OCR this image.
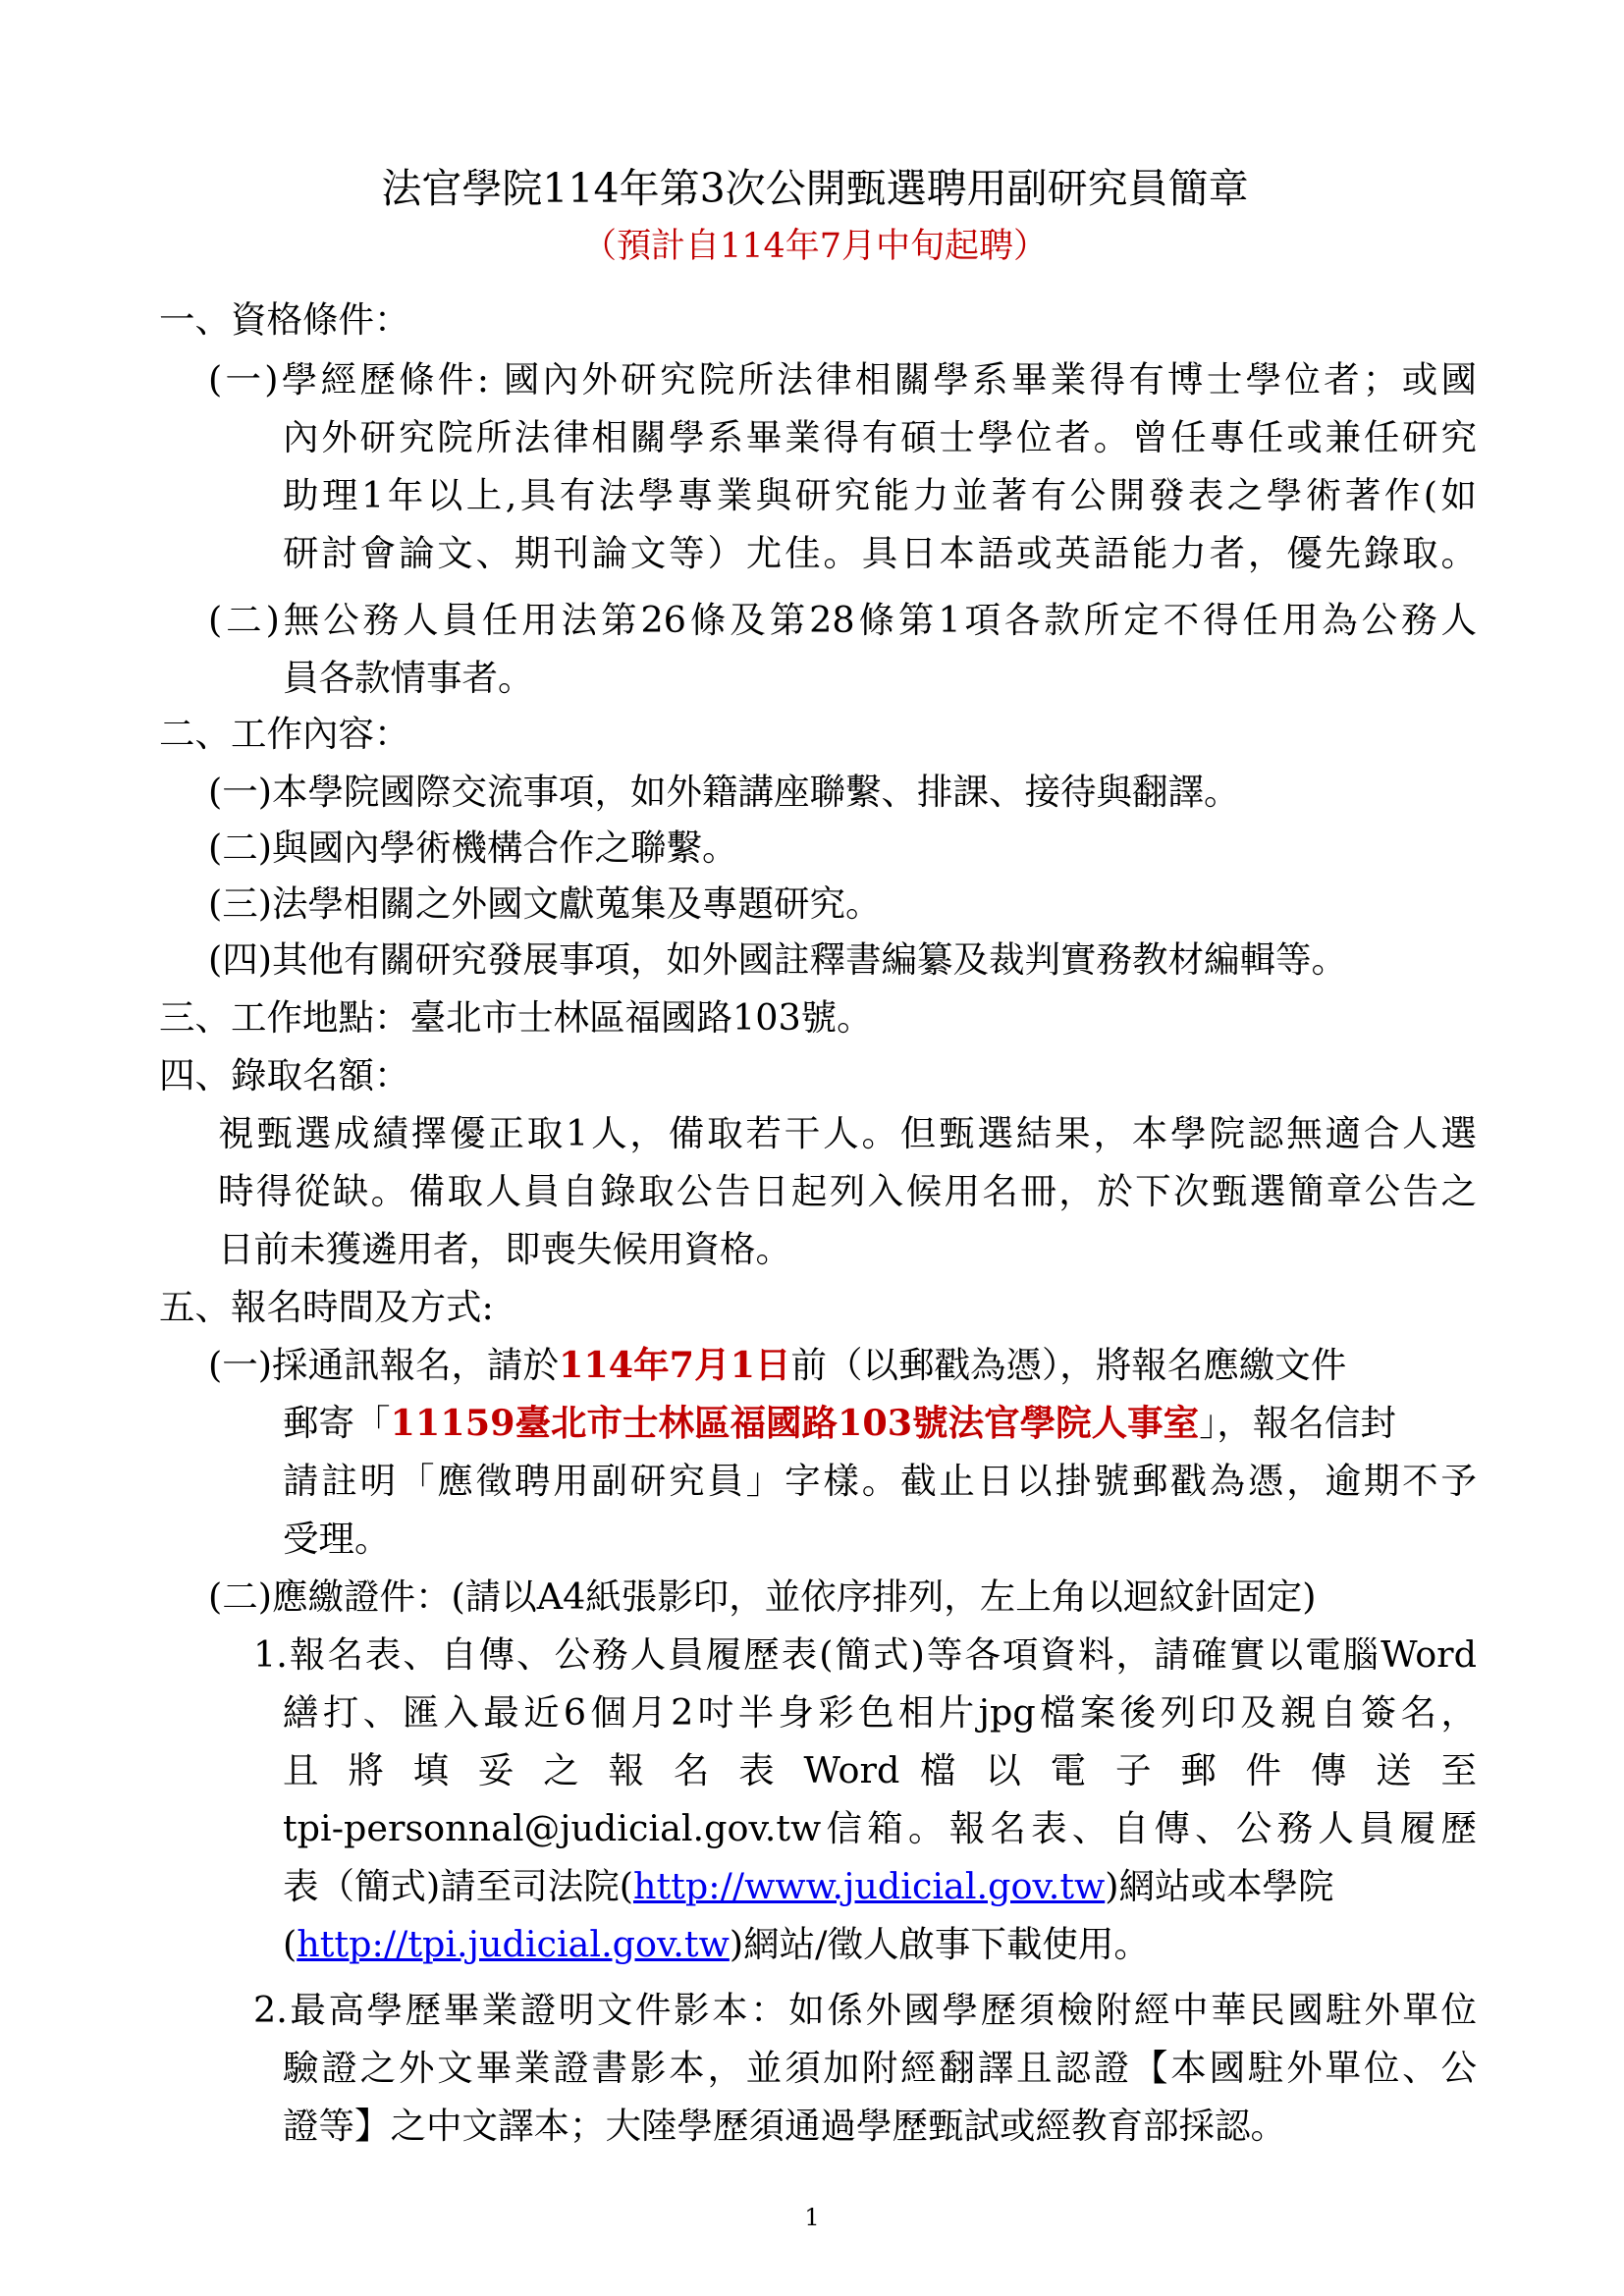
法官學院114年第3次公開甄選聘用副研究員簡章
（預計自114年7月中旬起聘）
一、資格條件：
(一)學經歷條件: 國內外研究院所法律相關學系畢業得有博士學位者；或國
內外研究院所法律相關學系畢業得有碩士學位者。曾任專任或兼任研究
助理1年以上,具有法學專業與研究能力並著有公開發表之學術著作(如
研討會論文、期刊論文等）尤佳。具日本語或英語能力者，優先錄取。
(二)無公務人員任用法第26條及第28條第1項各款所定不得任用為公務人
員各款情事者。
二、工作內容：
(一)本學院國際交流事項，如外籍講座聯繫、排課、接待與翻譯。
(二)與國內學術機構合作之聯繫。
(三)法學相關之外國文獻蒐集及專題研究。
(四)其他有關研究發展事項，如外國註釋書編纂及裁判實務教材編輯等。
三、工作地點：臺北市士林區福國路103號。
四、錄取名額：
視甄選成績擇優正取1人，備取若干人。但甄選結果，本學院認無適合人選
時得從缺。備取人員自錄取公告日起列入候用名冊，於下次甄選簡章公告之
日前未獲遴用者，即喪失候用資格。
五、報名時間及方式:
(一)採通訊報名，請於114年7月1日前（以郵戳為憑），將報名應繳文件
郵寄「11159臺北市士林區福國路103號法官學院人事室」，報名信封
請註明「應徵聘用副研究員」字樣。截止日以掛號郵戳為憑，逾期不予
受理。
(二)應繳證件：(請以A4紙張影印，並依序排列，左上角以迴紋針固定)
1.報名表、自傳、公務人員履歷表(簡式)等各項資料，請確實以電腦Word
繕打、匯入最近6個月2吋半身彩色相片jpg檔案後列印及親自簽名，
且 將 填 妥 之 報 名 表 Word 檔 以 電 子 郵 件 傳 送 至
tpi-personnal@judicial.gov.tw信箱。報名表、自傳、公務人員履歷
表（簡式)請至司法院(http://www.judicial.gov.tw)網站或本學院
(http://tpi.judicial.gov.tw)網站/徵人啟事下載使用。
2.最高學歷畢業證明文件影本：如係外國學歷須檢附經中華民國駐外單位
驗證之外文畢業證書影本，並須加附經翻譯且認證【本國駐外單位、公
證等】之中文譯本；大陸學歷須通過學歷甄試或經教育部採認。
1
